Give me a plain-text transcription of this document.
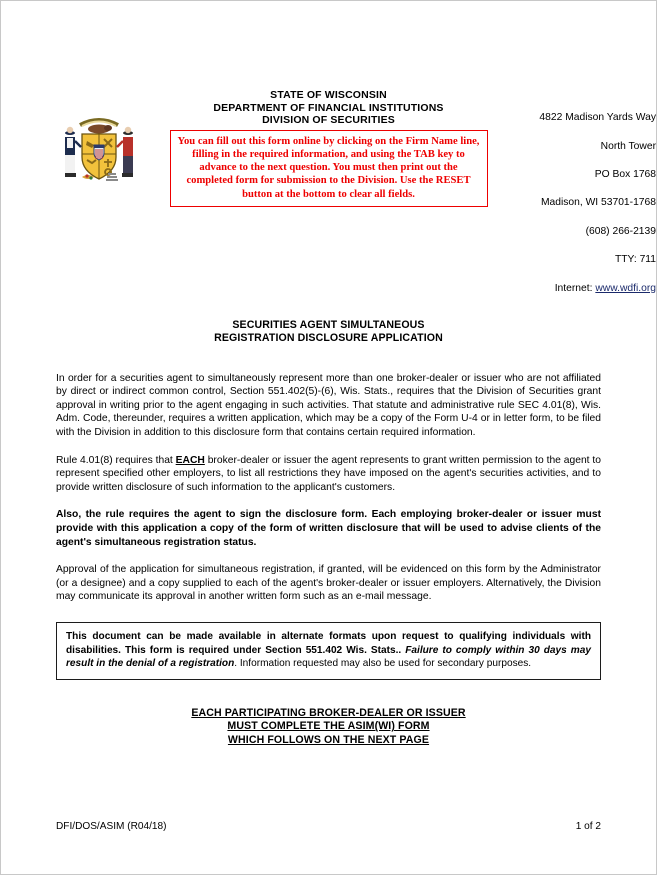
STATE OF WISCONSIN
DEPARTMENT OF FINANCIAL INSTITUTIONS
DIVISION OF SECURITIES
You can fill out this form online by clicking on the Firm Name line, filling in the required information, and using the TAB key to advance to the next question. You must then print out the completed form for submission to the Division. Use the RESET button at the bottom to clear all fields.

4822 Madison Yards Way

North Tower

PO Box 1768

Madison, WI 53701-1768

(608) 266-2139

TTY: 711

Internet: www.wdfi.org

SECURITIES AGENT SIMULTANEOUS
REGISTRATION DISCLOSURE APPLICATION

In order for a securities agent to simultaneously represent more than one broker-dealer or issuer who are not affiliated by direct or indirect common control, Section 551.402(5)-(6), Wis. Stats., requires that the Division of Securities grant approval in writing prior to the agent engaging in such activities. That statute and administrative rule SEC 4.01(8), Wis. Adm. Code, thereunder, requires a written application, which may be a copy of the Form U-4 or in letter form, to be filed with the Division in addition to this disclosure form that contains certain required information.

Rule 4.01(8) requires that EACH broker-dealer or issuer the agent represents to grant written permission to the agent to represent specified other employers, to list all restrictions they have imposed on the agent's securities activities, and to provide written disclosure of such information to the applicant's customers.

Also, the rule requires the agent to sign the disclosure form. Each employing broker-dealer or issuer must provide with this application a copy of the form of written disclosure that will be used to advise clients of the agent's simultaneous registration status.

Approval of the application for simultaneous registration, if granted, will be evidenced on this form by the Administrator (or a designee) and a copy supplied to each of the agent's broker-dealer or issuer employers. Alternatively, the Division may communicate its approval in another written form such as an e-mail message.

This document can be made available in alternate formats upon request to qualifying individuals with disabilities. This form is required under Section 551.402 Wis. Stats.. Failure to comply within 30 days may result in the denial of a registration. Information requested may also be used for secondary purposes.
EACH PARTICIPATING BROKER-DEALER OR ISSUER
MUST COMPLETE THE ASIM(WI) FORM
WHICH FOLLOWS ON THE NEXT PAGE
DFI/DOS/ASIM (R04/18)	1 of 2
